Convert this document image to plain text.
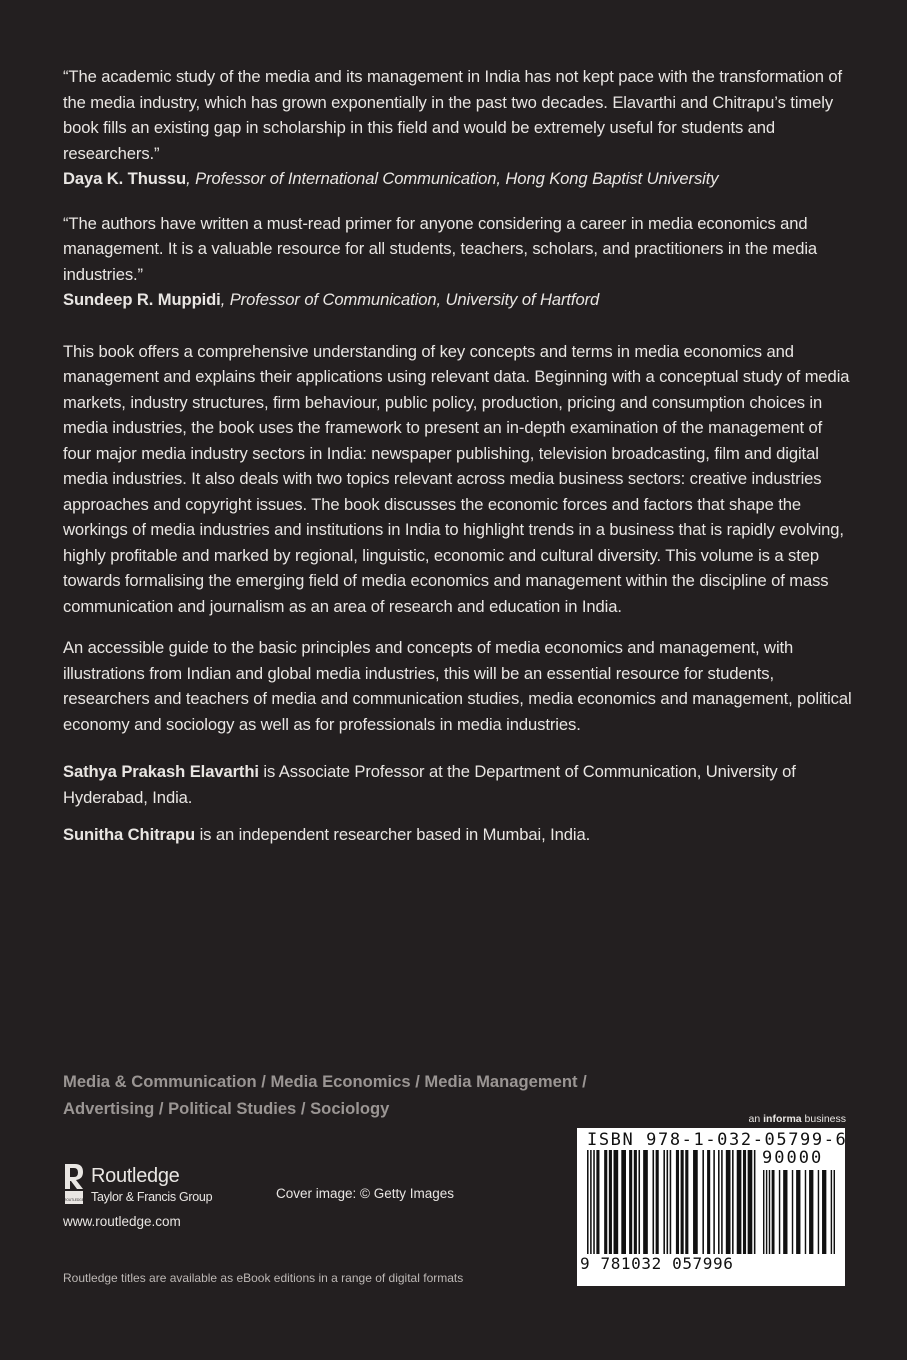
“The academic study of the media and its management in India has not kept pace with the transformation of the media industry, which has grown exponentially in the past two decades. Elavarthi and Chitrapu’s timely book fills an existing gap in scholarship in this field and would be extremely useful for students and researchers.”

Daya K. Thussu, Professor of International Communication, Hong Kong Baptist University

“The authors have written a must-read primer for anyone considering a career in media economics and management. It is a valuable resource for all students, teachers, scholars, and practitioners in the media industries.”

Sundeep R. Muppidi, Professor of Communication, University of Hartford

This book offers a comprehensive understanding of key concepts and terms in media economics and management and explains their applications using relevant data. Beginning with a conceptual study of media markets, industry structures, firm behaviour, public policy, production, pricing and consumption choices in media industries, the book uses the framework to present an in-depth examination of the management of four major media industry sectors in India: newspaper publishing, television broadcasting, film and digital media industries. It also deals with two topics relevant across media business sectors: creative industries approaches and copyright issues. The book discusses the economic forces and factors that shape the workings of media industries and institutions in India to highlight trends in a business that is rapidly evolving, highly profitable and marked by regional, linguistic, economic and cultural diversity. This volume is a step towards formalising the emerging field of media economics and management within the discipline of mass communication and journalism as an area of research and education in India.

An accessible guide to the basic principles and concepts of media economics and management, with illustrations from Indian and global media industries, this will be an essential resource for students, researchers and teachers of media and communication studies, media economics and management, political economy and sociology as well as for professionals in media industries.

Sathya Prakash Elavarthi is Associate Professor at the Department of Communication, University of Hyderabad, India.

Sunitha Chitrapu is an independent researcher based in Mumbai, India.

Media & Communication / Media Economics / Media Management /
Advertising / Political Studies / Sociology
ROUTLEDGE
Routledge
Taylor & Francis Group
www.routledge.com
Cover image: © Getty Images
Routledge titles are available as eBook editions in a range of digital formats
an informa business
ISBN 978-1-032-05799-6
90000
9 781032 057996
